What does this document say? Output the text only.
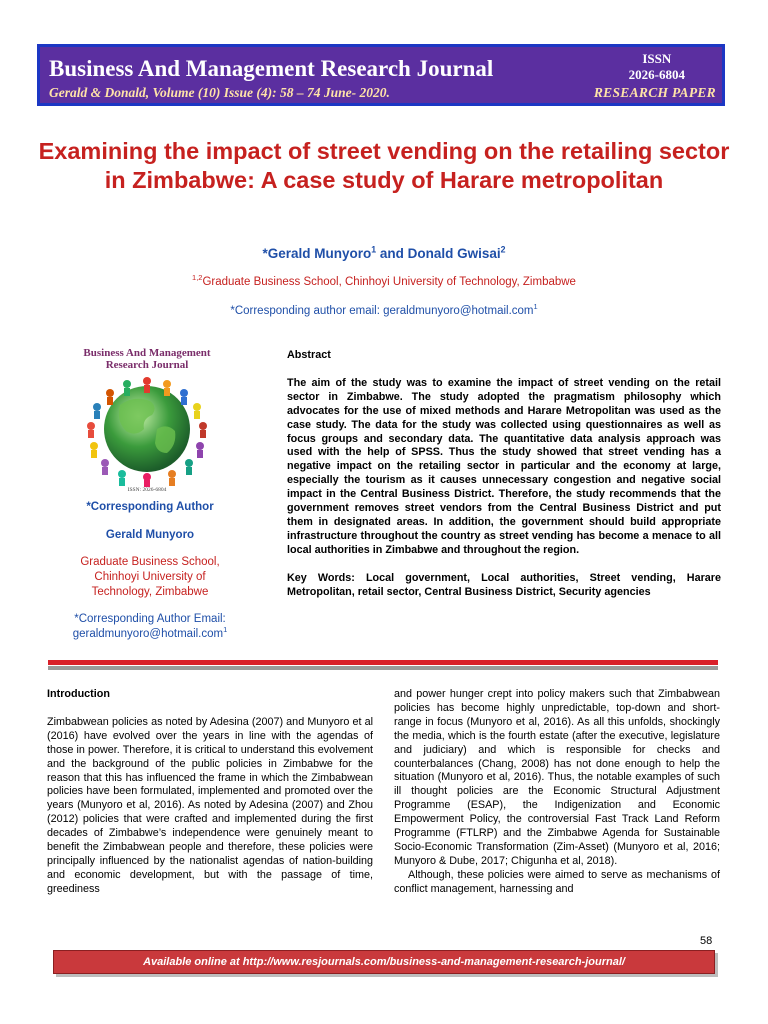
Business And Management Research Journal
Gerald & Donald, Volume (10) Issue (4): 58 – 74 June- 2020.
ISSN
2026-6804
RESEARCH PAPER
Examining the impact of street vending on the retailing sector in Zimbabwe: A case study of Harare metropolitan
*Gerald Munyoro$^1$ and Donald Gwisai$^2$
$^{1,2}$Graduate Business School, Chinhoyi University of Technology, Zimbabwe
*Corresponding author email: geraldmunyoro@hotmail.com$^1$
Business And Management
Research Journal
ISSN: 2026-6804
*Corresponding Author
Gerald Munyoro
Graduate Business School,
Chinhoyi University of
Technology, Zimbabwe
*Corresponding Author Email:
geraldmunyoro@hotmail.com$^1$
Abstract

The aim of the study was to examine the impact of street vending on the retail sector in Zimbabwe. The study adopted the pragmatism philosophy which advocates for the use of mixed methods and Harare Metropolitan was used as the case study. The data for the study was collected using questionnaires as well as focus groups and secondary data. The quantitative data analysis approach was used with the help of SPSS. Thus the study showed that street vending has a negative impact on the retailing sector in particular and the economy at large, especially the tourism as it causes unnecessary congestion and negative social impact in the Central Business District. Therefore, the study recommends that the government removes street vendors from the Central Business District and put them in designated areas. In addition, the government should build appropriate infrastructure throughout the country as street vending has become a menace to all local authorities in Zimbabwe and throughout the region.

Key Words: Local government, Local authorities, Street vending, Harare Metropolitan, retail sector, Central Business District, Security agencies

Introduction

Zimbabwean policies as noted by Adesina (2007) and Munyoro et al (2016) have evolved over the years in line with the agendas of those in power. Therefore, it is critical to understand this evolvement and the background of the public policies in Zimbabwe for the reason that this has influenced the frame in which the Zimbabwean policies have been formulated, implemented and promoted over the years (Munyoro et al, 2016). As noted by Adesina (2007) and Zhou (2012) policies that were crafted and implemented during the first decades of Zimbabwe’s independence were genuinely meant to benefit the Zimbabwean people and therefore, these policies were principally influenced by the nationalist agendas of nation-building and economic development, but with the passage of time, greediness

and power hunger crept into policy makers such that Zimbabwean policies has become highly unpredictable, top-down and short-range in focus (Munyoro et al, 2016). As all this unfolds, shockingly the media, which is the fourth estate (after the executive, legislature and judiciary) and which is responsible for checks and counterbalances (Chang, 2008) has not done enough to help the situation (Munyoro et al, 2016). Thus, the notable examples of such ill thought policies are the Economic Structural Adjustment Programme (ESAP), the Indigenization and Economic Empowerment Policy, the controversial Fast Track Land Reform Programme (FTLRP) and the Zimbabwe Agenda for Sustainable Socio-Economic Transformation (Zim-Asset) (Munyoro et al, 2016; Munyoro & Dube, 2017; Chigunha et al, 2018).

Although, these policies were aimed to serve as mechanisms of conflict management, harnessing and

58
Available online at http://www.resjournals.com/business-and-management-research-journal/
